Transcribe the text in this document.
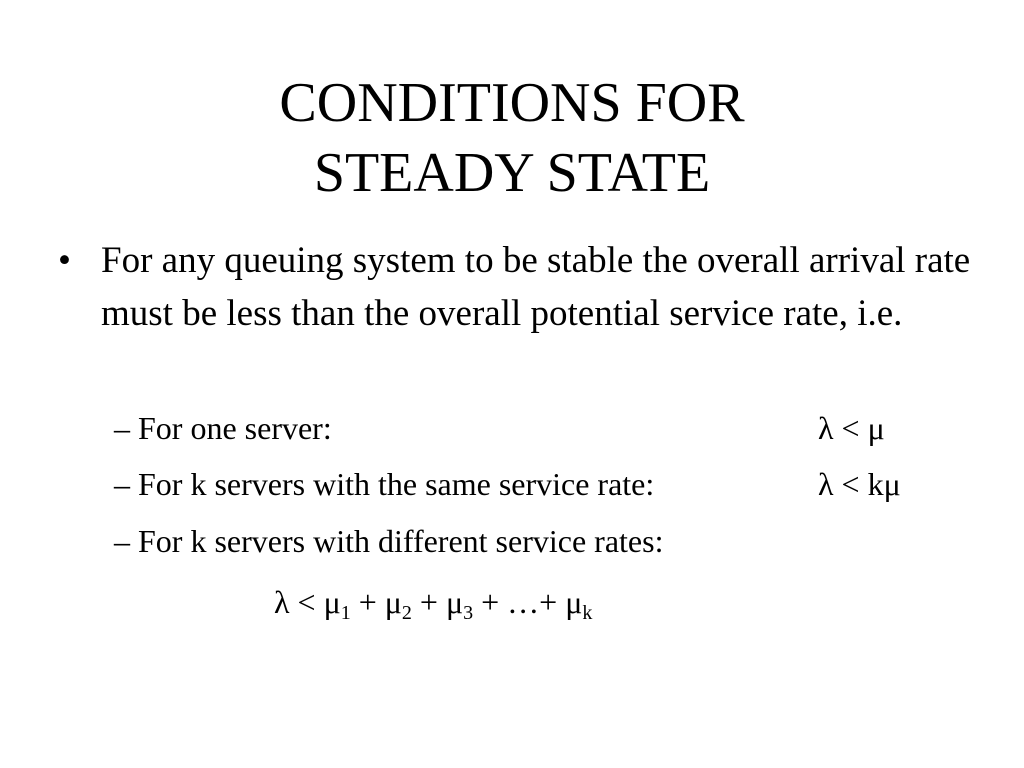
CONDITIONS FOR
STEADY STATE
• For any queuing system to be stable the overall arrival rate must be less than the overall potential service rate, i.e.
– For one server:	λ < μ
– For k servers with the same service rate:	λ < kμ
– For k servers with different service rates:
$\lambda < \mu_1 + \mu_2 + \mu_3$ + …+ $\mu_k$
